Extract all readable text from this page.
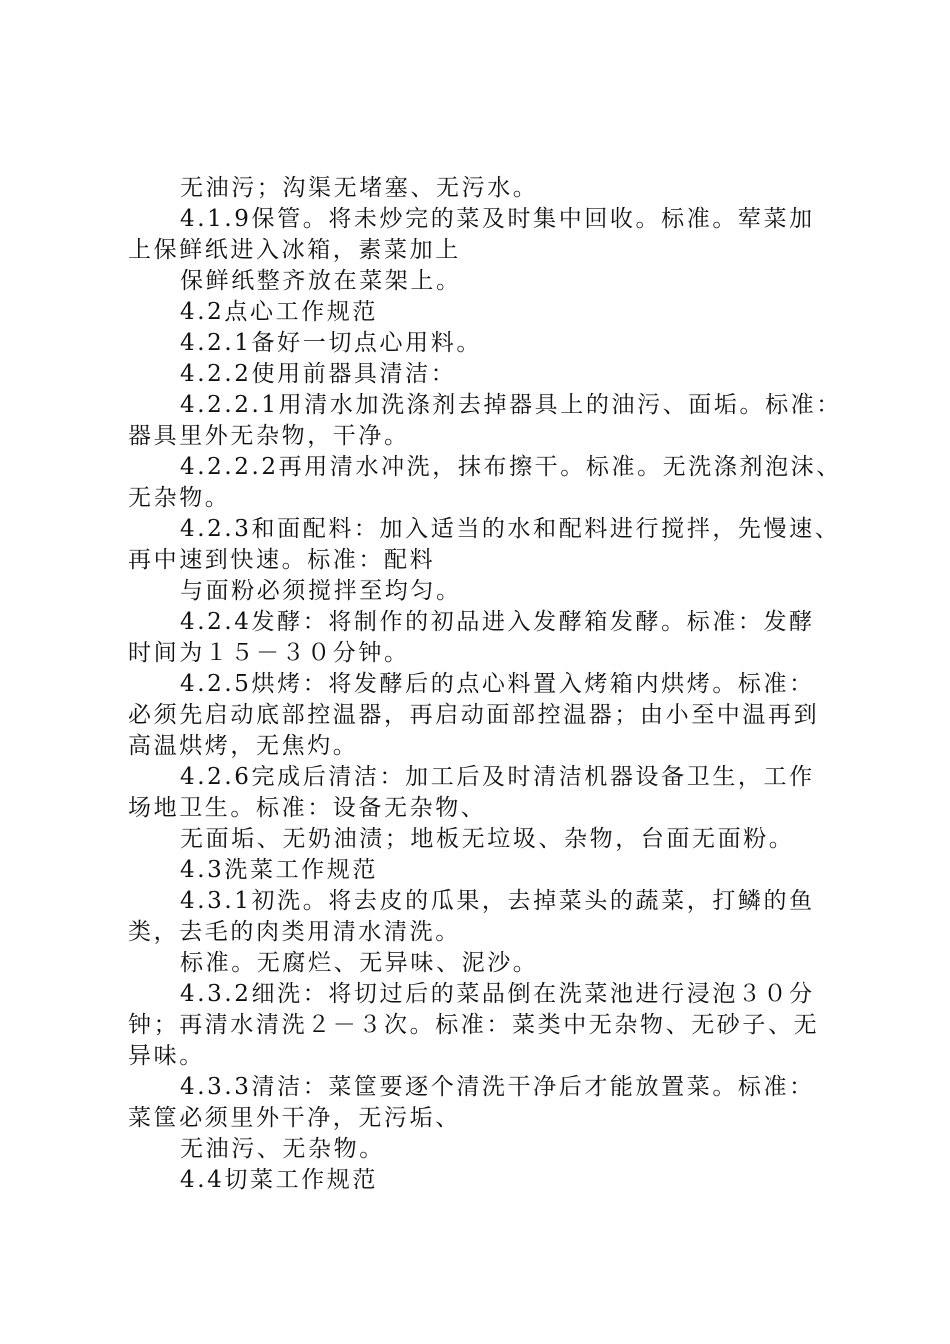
无油污；沟渠无堵塞、无污水。
4.1.9保管。将未炒完的菜及时集中回收。标准。荤菜加
上保鲜纸进入冰箱，素菜加上
保鲜纸整齐放在菜架上。
4.2点心工作规范
4.2.1备好一切点心用料。
4.2.2使用前器具清洁：
4.2.2.1用清水加洗涤剂去掉器具上的油污、面垢。标准：
器具里外无杂物，干净。
4.2.2.2再用清水冲洗，抹布擦干。标准。无洗涤剂泡沫、
无杂物。
4.2.3和面配料：加入适当的水和配料进行搅拌，先慢速、
再中速到快速。标准：配料
与面粉必须搅拌至均匀。
4.2.4发酵：将制作的初品进入发酵箱发酵。标准：发酵
时间为１５－３０分钟。
4.2.5烘烤：将发酵后的点心料置入烤箱内烘烤。标准：
必须先启动底部控温器，再启动面部控温器；由小至中温再到
高温烘烤，无焦灼。
4.2.6完成后清洁：加工后及时清洁机器设备卫生，工作
场地卫生。标准：设备无杂物、
无面垢、无奶油渍；地板无垃圾、杂物，台面无面粉。
4.3洗菜工作规范
4.3.1初洗。将去皮的瓜果，去掉菜头的蔬菜，打鳞的鱼
类，去毛的肉类用清水清洗。
标准。无腐烂、无异味、泥沙。
4.3.2细洗：将切过后的菜品倒在洗菜池进行浸泡３０分
钟；再清水清洗２－３次。标准：菜类中无杂物、无砂子、无
异味。
4.3.3清洁：菜筐要逐个清洗干净后才能放置菜。标准：
菜筐必须里外干净，无污垢、
无油污、无杂物。
4.4切菜工作规范
